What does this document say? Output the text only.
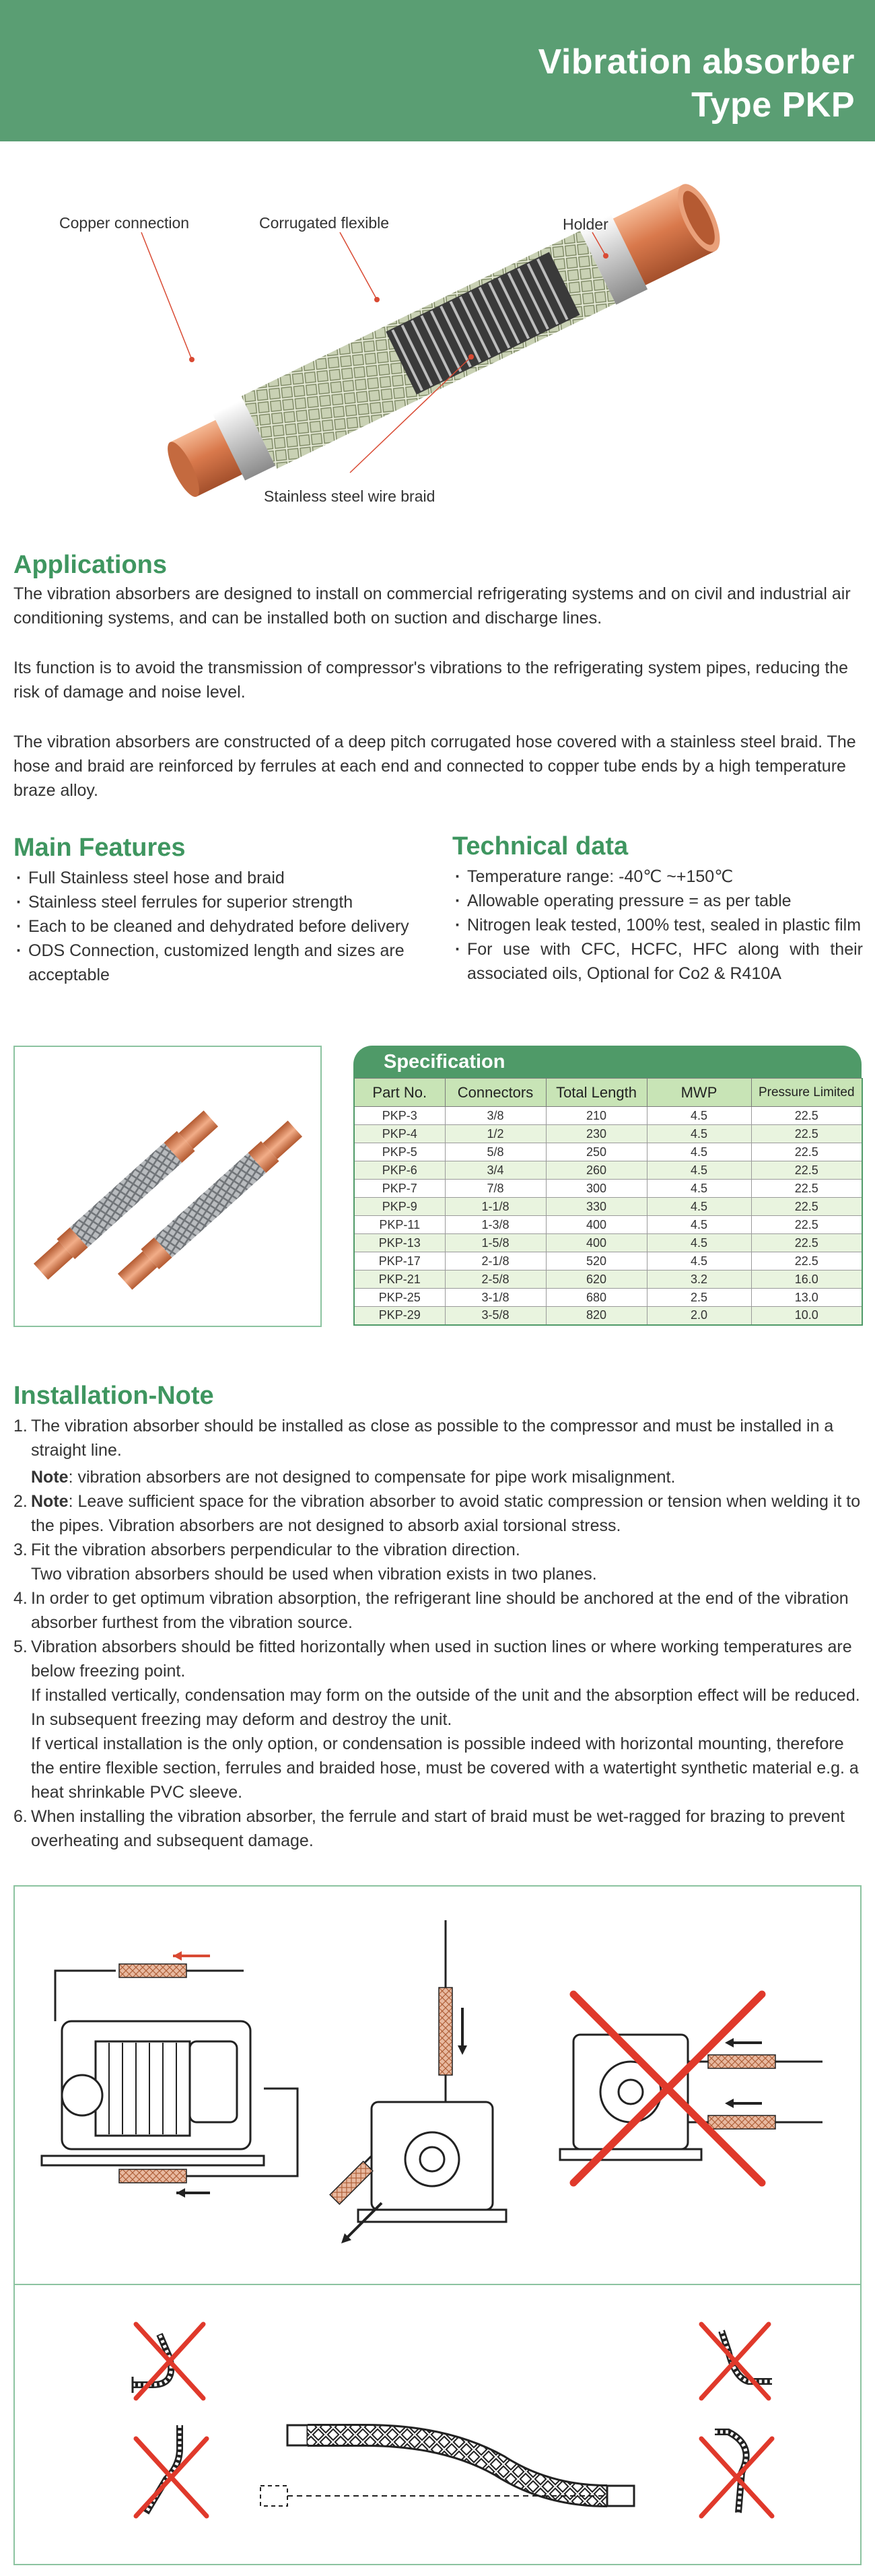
Vibration absorber
Type PKP
Copper connection	Corrugated flexible	Holder
Stainless steel wire braid
Applications
The vibration absorbers are designed to install on commercial refrigerating systems and on civil and industrial air conditioning systems, and can be installed both on suction and discharge lines.
Its function is to avoid the transmission of compressor's vibrations to the refrigerating system pipes, reducing the risk of damage and noise level.
The vibration absorbers are constructed of a deep pitch corrugated hose covered with a stainless steel braid. The hose and braid are reinforced by ferrules at each end and connected to copper tube ends by a high temperature braze alloy.
Main Features
· Full Stainless steel hose and braid
· Stainless steel ferrules for superior strength
· Each to be cleaned and dehydrated before delivery
· ODS Connection, customized length and sizes are acceptable
Technical data
· Temperature range: -40℃ ~+150℃
· Allowable operating pressure = as per table
· Nitrogen leak tested, 100% test, sealed in plastic film
· For use with CFC, HCFC, HFC along with their associated oils, Optional for Co2 & R410A
Specification
Part No.	Connectors	Total Length	MWP	Pressure Limited
PKP-3	3/8	210	4.5	22.5
PKP-4	1/2	230	4.5	22.5
PKP-5	5/8	250	4.5	22.5
PKP-6	3/4	260	4.5	22.5
PKP-7	7/8	300	4.5	22.5
PKP-9	1-1/8	330	4.5	22.5
PKP-11	1-3/8	400	4.5	22.5
PKP-13	1-5/8	400	4.5	22.5
PKP-17	2-1/8	520	4.5	22.5
PKP-21	2-5/8	620	3.2	16.0
PKP-25	3-1/8	680	2.5	13.0
PKP-29	3-5/8	820	2.0	10.0
Installation-Note
1. The vibration absorber should be installed as close as possible to the compressor and must be installed in a straight line.
Note: vibration absorbers are not designed to compensate for pipe work misalignment.
2. Note: Leave sufficient space for the vibration absorber to avoid static compression or tension when welding it to the pipes. Vibration absorbers are not designed to absorb axial torsional stress.
3. Fit the vibration absorbers perpendicular to the vibration direction.
Two vibration absorbers should be used when vibration exists in two planes.
4. In order to get optimum vibration absorption, the refrigerant line should be anchored at the end of the vibration absorber furthest from the vibration source.
5. Vibration absorbers should be fitted horizontally when used in suction lines or where working temperatures are below freezing point.
If installed vertically, condensation may form on the outside of the unit and the absorption effect will be reduced. In subsequent freezing may deform and destroy the unit.
If vertical installation is the only option, or condensation is possible indeed with horizontal mounting, therefore the entire flexible section, ferrules and braided hose, must be covered with a watertight synthetic material e.g. a heat shrinkable PVC sleeve.
6. When installing the vibration absorber, the ferrule and start of braid must be wet-ragged for brazing to prevent overheating and subsequent damage.
